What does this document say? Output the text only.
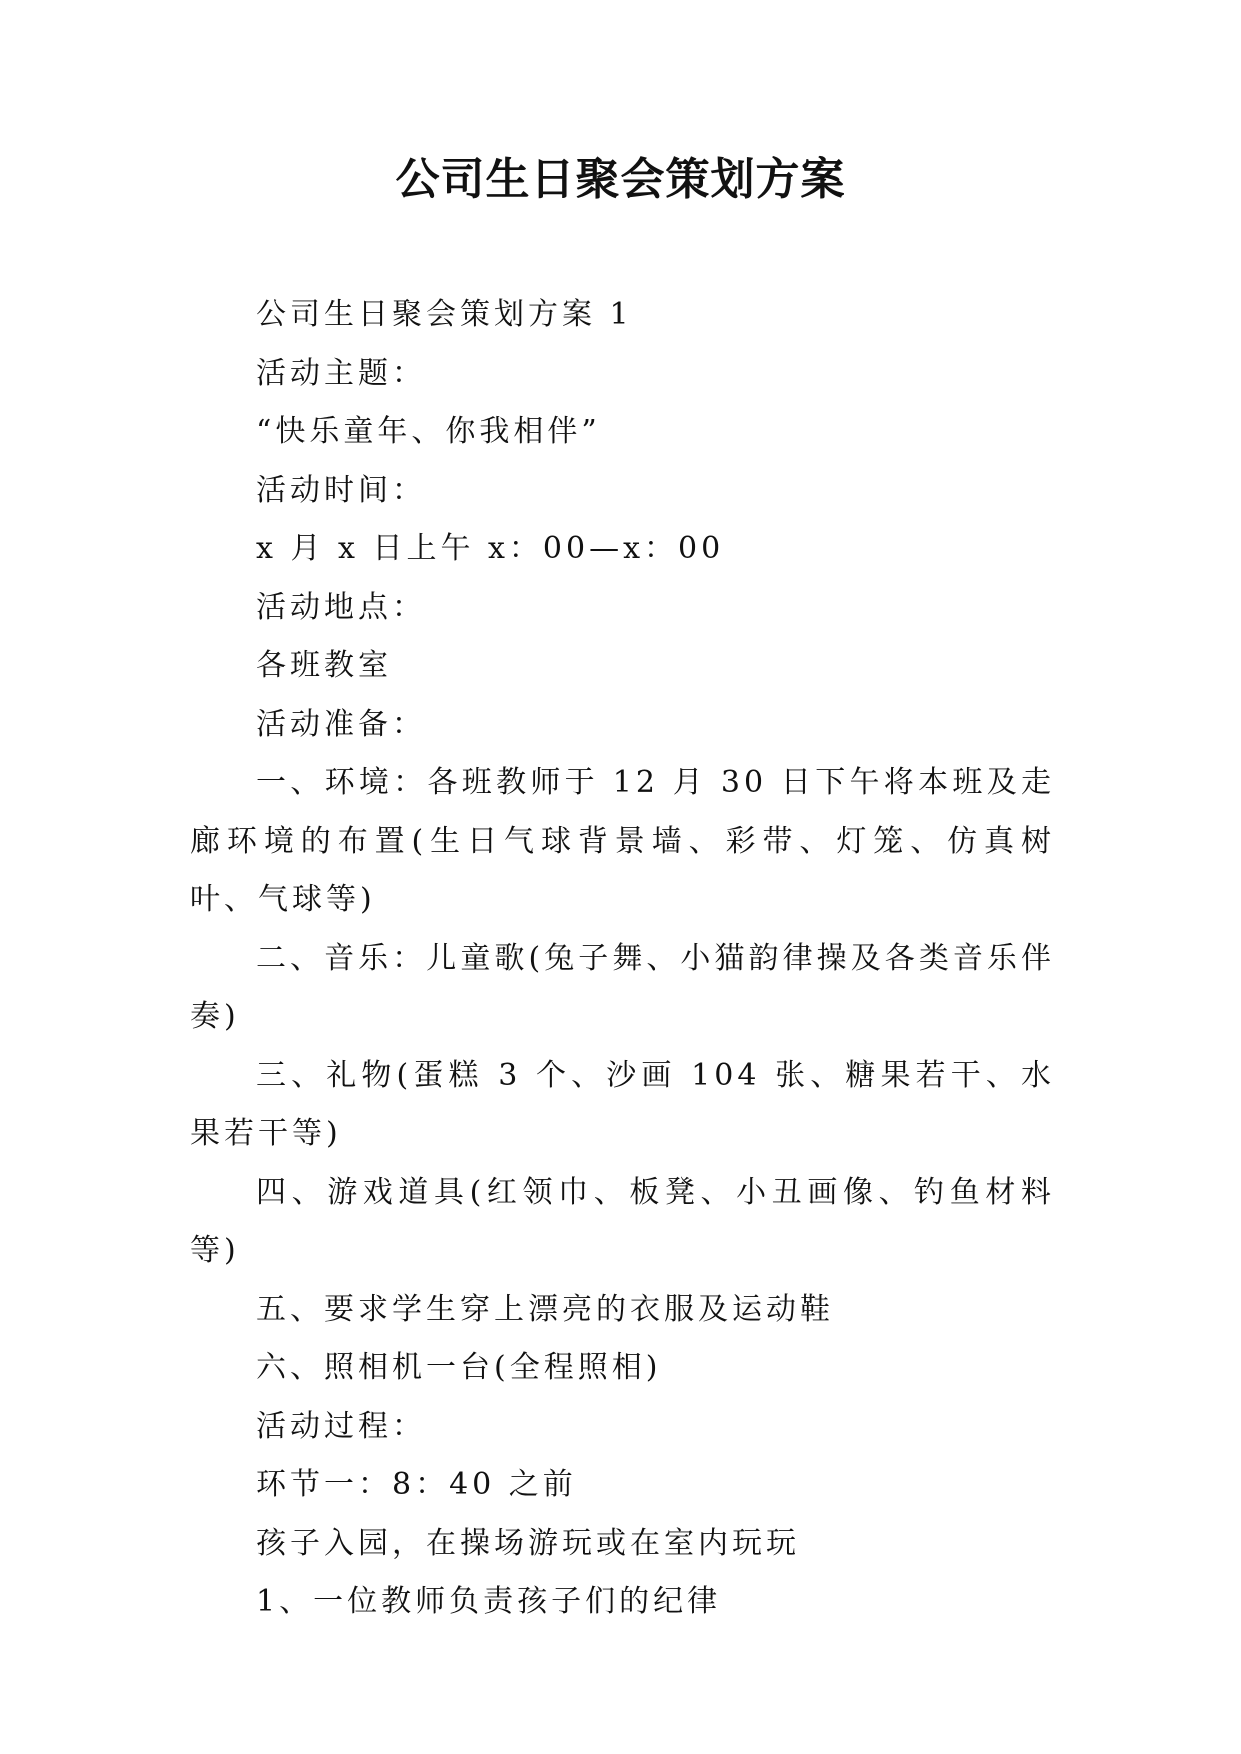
公司生日聚会策划方案

公司生日聚会策划方案 1

活动主题：

“快乐童年、你我相伴”

活动时间：

x 月 x 日上午 x：00—x：00

活动地点：

各班教室

活动准备：

一、环境：各班教师于 12 月 30 日下午将本班及走廊环境的布置(生日气球背景墙、彩带、灯笼、仿真树叶、气球等)

二、音乐：儿童歌(兔子舞、小猫韵律操及各类音乐伴奏)

三、礼物(蛋糕 3 个、沙画 104 张、糖果若干、水果若干等)

四、游戏道具(红领巾、板凳、小丑画像、钓鱼材料等)

五、要求学生穿上漂亮的衣服及运动鞋

六、照相机一台(全程照相)

活动过程：

环节一：8：40 之前

孩子入园，在操场游玩或在室内玩玩

1、一位教师负责孩子们的纪律
